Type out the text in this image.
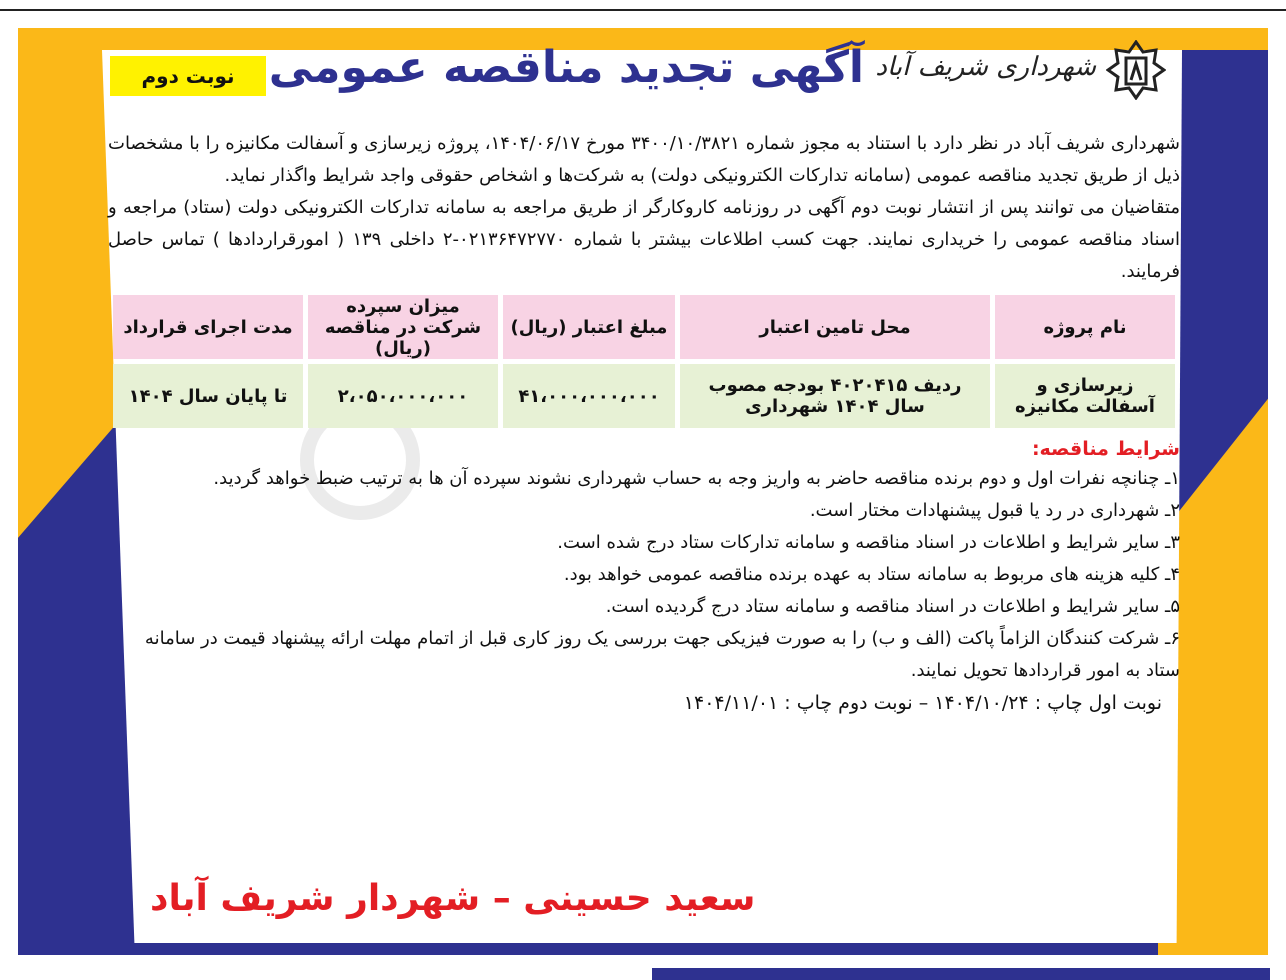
شهرداری شریف آباد
آگهی تجدید مناقصه عمومی
نوبت دوم

شهرداری شریف آباد در نظر دارد با استناد به مجوز شماره ۳۴۰۰/۱۰/۳۸۲۱ مورخ ۱۴۰۴/۰۶/۱۷، پروژه زیرسازی و آسفالت مکانیزه را با مشخصات ذیل از طریق تجدید مناقصه عمومی (سامانه تدارکات الکترونیکی دولت) به شرکت‌ها و اشخاص حقوقی واجد شرایط واگذار نماید.

متقاضیان می توانند پس از انتشار نوبت دوم آگهی در روزنامه کاروکارگر از طریق مراجعه به سامانه تدارکات الکترونیکی دولت (ستاد) مراجعه و اسناد مناقصه عمومی را خریداری نمایند. جهت کسب اطلاعات بیشتر با شماره ۰۲۱۳۶۴۷۲۷۷۰-۲ داخلی ۱۳۹ ( امورقراردادها ) تماس حاصل فرمایند.

نام پروژه	محل تامین اعتبار	مبلغ اعتبار (ریال)	میزان سپرده شرکت در مناقصه (ریال)	مدت اجرای قرارداد
زیرسازی و آسفالت مکانیزه	ردیف ۴۰۲۰۴۱۵ بودجه مصوب سال ۱۴۰۴ شهرداری	۴۱،۰۰۰،۰۰۰،۰۰۰	۲،۰۵۰،۰۰۰،۰۰۰	تا پایان سال ۱۴۰۴
شرایط مناقصه:

۱ـ چنانچه نفرات اول و دوم برنده مناقصه حاضر به واریز وجه به حساب شهرداری نشوند سپرده آن ها به ترتیب ضبط خواهد گردید.

۲ـ شهرداری در رد یا قبول پیشنهادات مختار است.

۳ـ سایر شرایط و اطلاعات در اسناد مناقصه و سامانه تدارکات ستاد درج شده است.

۴ـ کلیه هزینه های مربوط به سامانه ستاد به عهده برنده مناقصه عمومی خواهد بود.

۵ـ سایر شرایط و اطلاعات در اسناد مناقصه و سامانه ستاد درج گردیده است.

۶ـ شرکت کنندگان الزاماً پاکت (الف و ب) را به صورت فیزیکی جهت بررسی یک روز کاری قبل از اتمام مهلت ارائه پیشنهاد قیمت در سامانه ستاد به امور قراردادها تحویل نمایند.

نوبت اول چاپ : ۱۴۰۴/۱۰/۲۴ – نوبت دوم چاپ : ۱۴۰۴/۱۱/۰۱
سعید حسینی – شهردار شریف آباد
